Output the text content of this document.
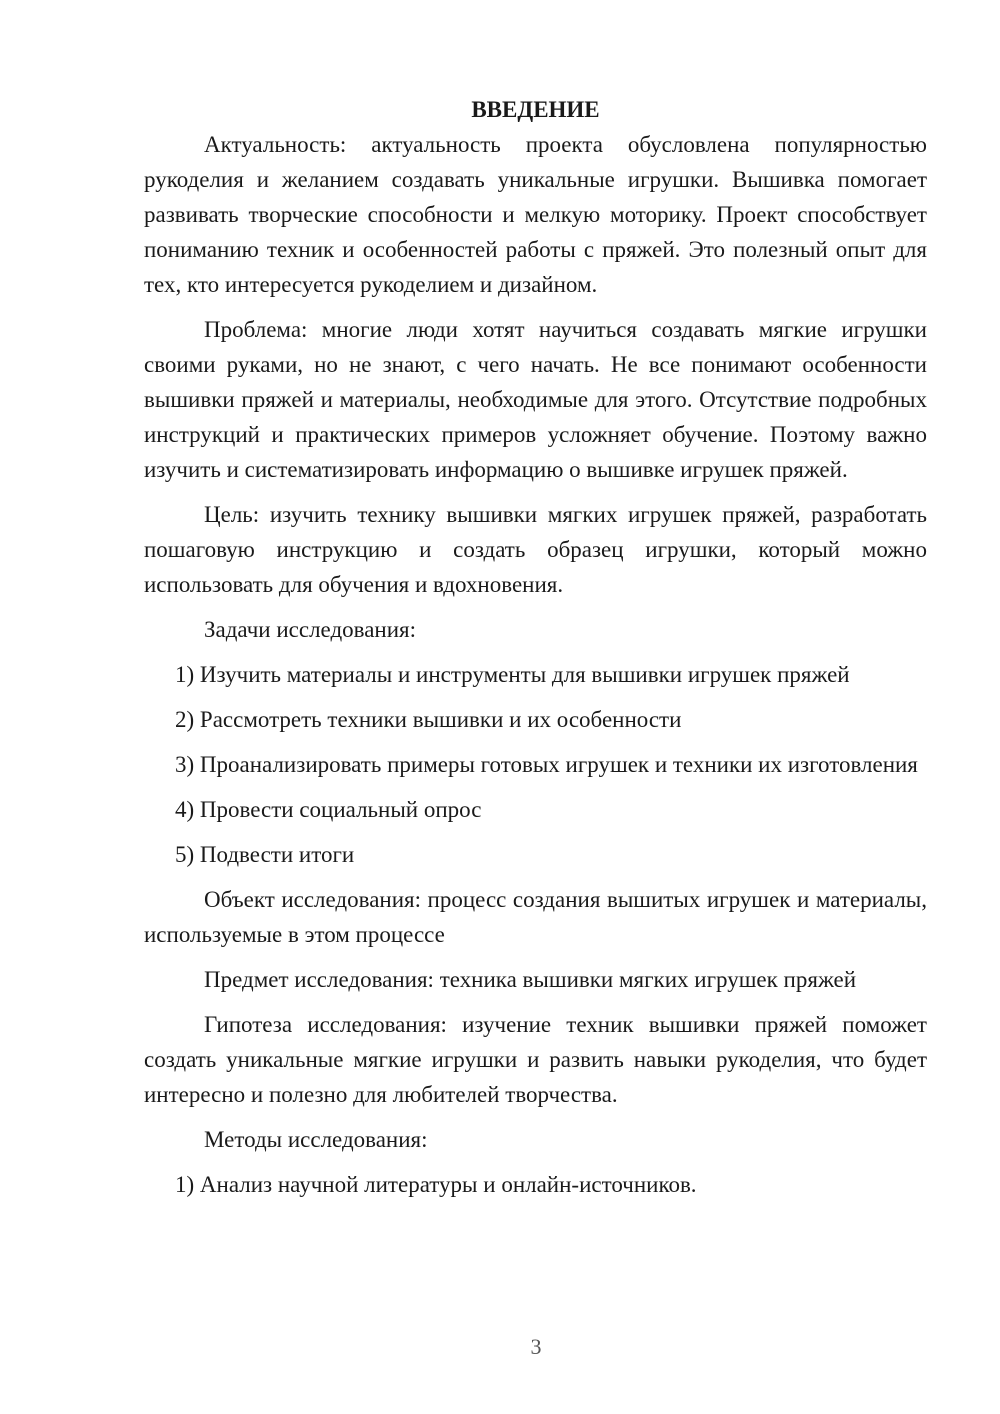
ВВЕДЕНИЕ

Актуальность: актуальность проекта обусловлена популярностью рукоделия и желанием создавать уникальные игрушки. Вышивка помогает развивать творческие способности и мелкую моторику. Проект способствует пониманию техник и особенностей работы с пряжей. Это полезный опыт для тех, кто интересуется рукоделием и дизайном.

Проблема: многие люди хотят научиться создавать мягкие игрушки своими руками, но не знают, с чего начать. Не все понимают особенности вышивки пряжей и материалы, необходимые для этого. Отсутствие подробных инструкций и практических примеров усложняет обучение. Поэтому важно изучить и систематизировать информацию о вышивке игрушек пряжей.

Цель: изучить технику вышивки мягких игрушек пряжей, разработать пошаговую инструкцию и создать образец игрушки, который можно использовать для обучения и вдохновения.

Задачи исследования:

1) Изучить материалы и инструменты для вышивки игрушек пряжей

2) Рассмотреть техники вышивки и их особенности

3) Проанализировать примеры готовых игрушек и техники их изготовления

4) Провести социальный опрос

5) Подвести итоги

Объект исследования: процесс создания вышитых игрушек и материалы, используемые в этом процессе

Предмет исследования: техника вышивки мягких игрушек пряжей

Гипотеза исследования: изучение техник вышивки пряжей поможет создать уникальные мягкие игрушки и развить навыки рукоделия, что будет интересно и полезно для любителей творчества.

Методы исследования:

1) Анализ научной литературы и онлайн-источников.

3
